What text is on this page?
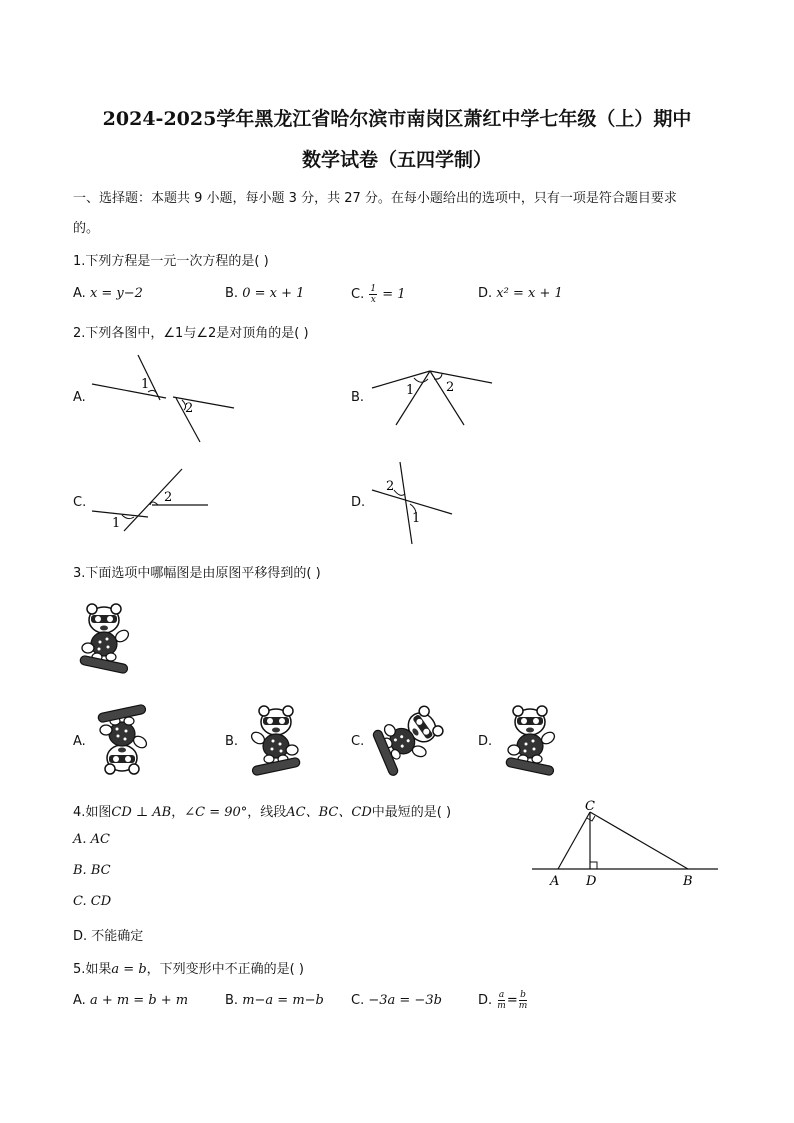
2024-2025学年黑龙江省哈尔滨市南岗区萧红中学七年级（上）期中
数学试卷（五四学制）
一、选择题：本题共 9 小题，每小题 3 分，共 27 分。在每小题给出的选项中，只有一项是符合题目要求
的。
1.下列方程是一元一次方程的是( )
A. x = y−2	B. 0 = x + 1	C. $\frac{1}{x} = 1$	D. x² = x + 1
2.下列各图中，∠1与∠2是对顶角的是( )
A.
1
2
B.	1 2
C.
1
2	D.
2
1
3.下面选项中哪幅图是由原图平移得到的( )
A.	B.	C.	D.
4.如图CD ⊥ AB，∠C = 90°，线段AC、BC、CD中最短的是( )
A. AC
B. BC
C. CD
D. 不能确定
C
A D	B
5.如果a = b，下列变形中不正确的是( )
A. a + m = b + m	B. m−a = m−b C. −3a = −3b	D. $\frac{a}{m} = \frac{b}{m}$
